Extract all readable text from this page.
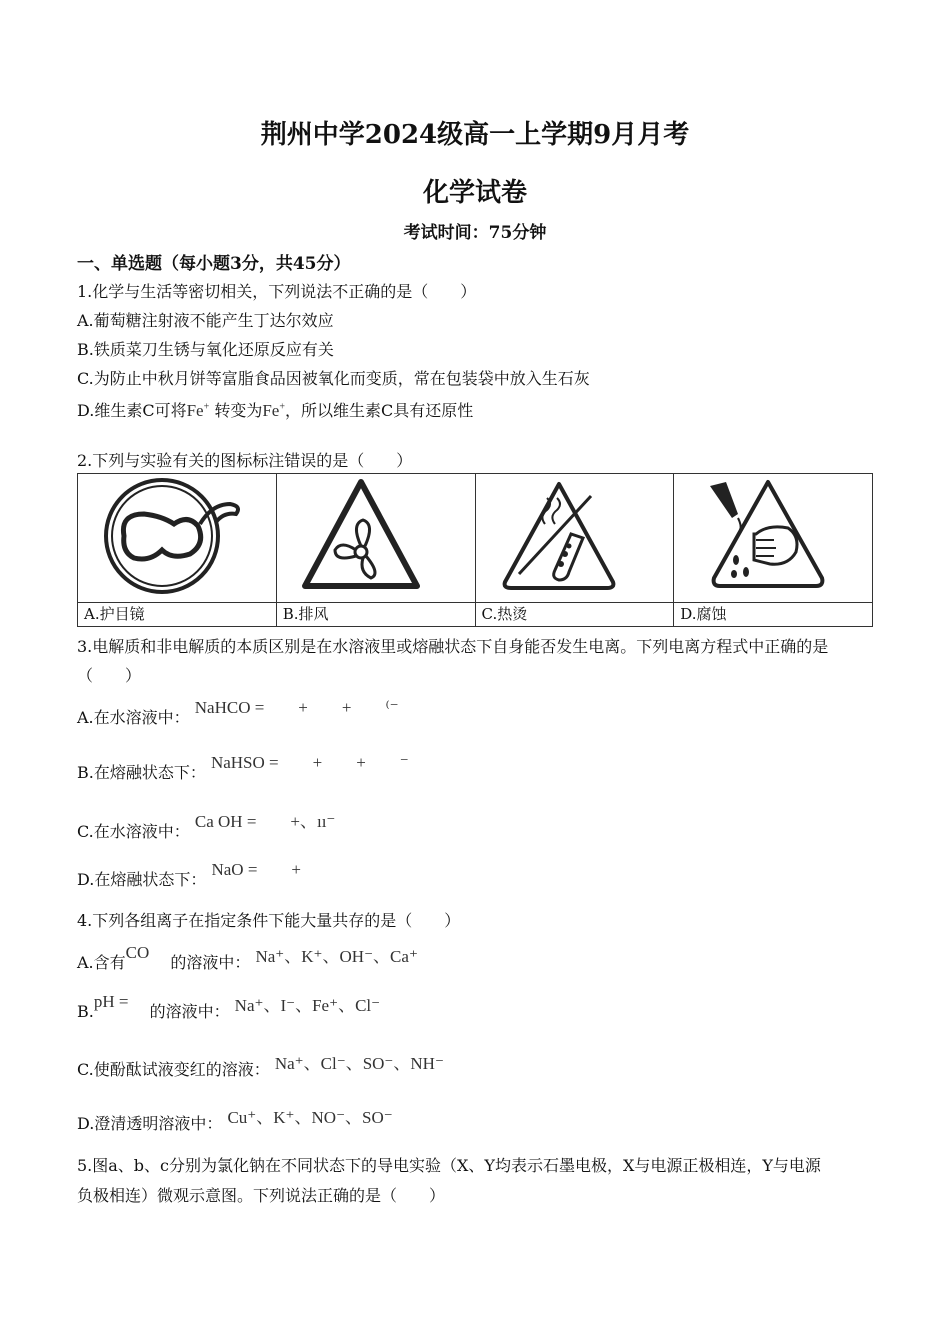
荆州中学2024级高一上学期9月月考
化学试卷
考试时间：75分钟
一、单选题（每小题3分，共45分）
1.化学与生活等密切相关，下列说法不正确的是（　　）
A.葡萄糖注射液不能产生丁达尔效应
B.铁质菜刀生锈与氧化还原反应有关
C.为防止中秋月饼等富脂食品因被氧化而变质，常在包装袋中放入生石灰
D.维生素C可将Fe+ 转变为Fe+，所以维生素C具有还原性
2.下列与实验有关的图标标注错误的是（　　）

A.护目镜	B.排风	C.热烫	D.腐蚀
3.电解质和非电解质的本质区别是在水溶液里或熔融状态下自身能否发生电离。下列电离方程式中正确的是
（　　）
A.在水溶液中： NaHCO =　　+　　+　　⁽⁻
B.在熔融状态下： NaHSO =　　+　　+　　⁻
C.在水溶液中： Ca OH =　　+、ıı⁻
D.在熔融状态下： NaO =　　+
4.下列各组离子在指定条件下能大量共存的是（　　）
A.含有CO　 的溶液中： Na⁺、K⁺、OH⁻、Ca⁺
B.pH =　 的溶液中： Na⁺、I⁻、Fe⁺、Cl⁻
C.使酚酞试液变红的溶液： Na⁺、Cl⁻、SO⁻、NH⁻
D.澄清透明溶液中： Cu⁺、K⁺、NO⁻、SO⁻
5.图a、b、c分别为氯化钠在不同状态下的导电实验（X、Y均表示石墨电极，X与电源正极相连，Y与电源
负极相连）微观示意图。下列说法正确的是（　　）
